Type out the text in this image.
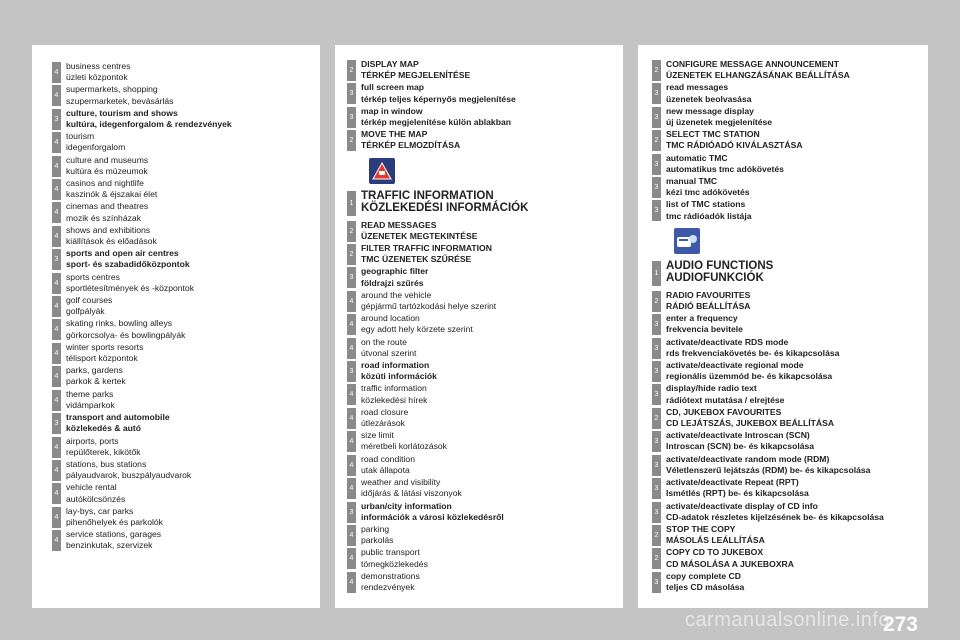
4
business centres
üzleti központok
4
supermarkets, shopping
szupermarketek, bevásárlás
3
culture, tourism and shows
kultúra, idegenforgalom & rendezvények
4
tourism
idegenforgalom
4
culture and museums
kultúra és múzeumok
4
casinos and nightlife
kaszinók & éjszakai élet
4
cinemas and theatres
mozik és színházak
4
shows and exhibitions
kiállítások és előadások
3
sports and open air centres
sport- és szabadidőközpontok
4
sports centres
sportlétesítmények és -központok
4
golf courses
golfpályák
4
skating rinks, bowling alleys
görkorcsolya- és bowlingpályák
4
winter sports resorts
télisport központok
4
parks, gardens
parkok & kertek
4
theme parks
vidámparkok
3
transport and automobile
közlekedés & autó
4
airports, ports
repülőterek, kikötők
4
stations, bus stations
pályaudvarok, buszpályaudvarok
4
vehicle rental
autókölcsönzés
4
lay-bys, car parks
pihenőhelyek és parkolók
4
service stations, garages
benzinkutak, szervizek
2
DISPLAY MAP
TÉRKÉP MEGJELENÍTÉSE
3
full screen map
térkép teljes képernyős megjelenítése
3
map in window
térkép megjelenítése külön ablakban
2
MOVE THE MAP
TÉRKÉP ELMOZDÍTÁSA
1
TRAFFIC INFORMATION
KÖZLEKEDÉSI INFORMÁCIÓK
2
READ MESSAGES
ÜZENETEK MEGTEKINTÉSE
2
FILTER TRAFFIC INFORMATION
TMC ÜZENETEK SZŰRÉSE
3
geographic filter
földrajzi szűrés
4
around the vehicle
gépjármű tartózkodási helye szerint
4
around location
egy adott hely körzete szerint
4
on the route
útvonal szerint
3
road information
közúti információk
4
traffic information
közlekedési hírek
4
road closure
útlezárások
4
size limit
méretbeli korlátozások
4
road condition
utak állapota
4
weather and visibility
időjárás & látási viszonyok
3
urban/city information
információk a városi közlekedésről
4
parking
parkolás
4
public transport
tömegközlekedés
4
demonstrations
rendezvények
2
CONFIGURE MESSAGE ANNOUNCEMENT
ÜZENETEK ELHANGZÁSÁNAK BEÁLLÍTÁSA
3
read messages
üzenetek beolvasása
3
new message display
új üzenetek megjelenítése
2
SELECT TMC STATION
TMC RÁDIÓADÓ KIVÁLASZTÁSA
3
automatic TMC
automatikus tmc adókövetés
3
manual TMC
kézi tmc adókövetés
3
list of TMC stations
tmc rádióadók listája
1
AUDIO FUNCTIONS
AUDIOFUNKCIÓK
2
RADIO FAVOURITES
RÁDIÓ BEÁLLÍTÁSA
3
enter a frequency
frekvencia bevitele
3
activate/deactivate RDS mode
rds frekvenciakövetés be- és kikapcsolása
3
activate/deactivate regional mode
regionális üzemmód be- és kikapcsolása
3
display/hide radio text
rádiótext mutatása / elrejtése
2
CD, JUKEBOX FAVOURITES
CD LEJÁTSZÁS, JUKEBOX BEÁLLÍTÁSA
3
activate/deactivate Introscan (SCN)
Introscan (SCN) be- és kikapcsolása
3
activate/deactivate random mode (RDM)
Véletlenszerű lejátszás (RDM) be- és kikapcsolása
3
activate/deactivate Repeat (RPT)
Ismétlés (RPT) be- és kikapcsolása
3
activate/deactivate display of CD info
CD-adatok részletes kijelzésének be- és kikapcsolása
2
STOP THE COPY
MÁSOLÁS LEÁLLÍTÁSA
2
COPY CD TO JUKEBOX
CD MÁSOLÁSA A JUKEBOXRA
3
copy complete CD
teljes CD másolása
carmanualsonline.info
273
